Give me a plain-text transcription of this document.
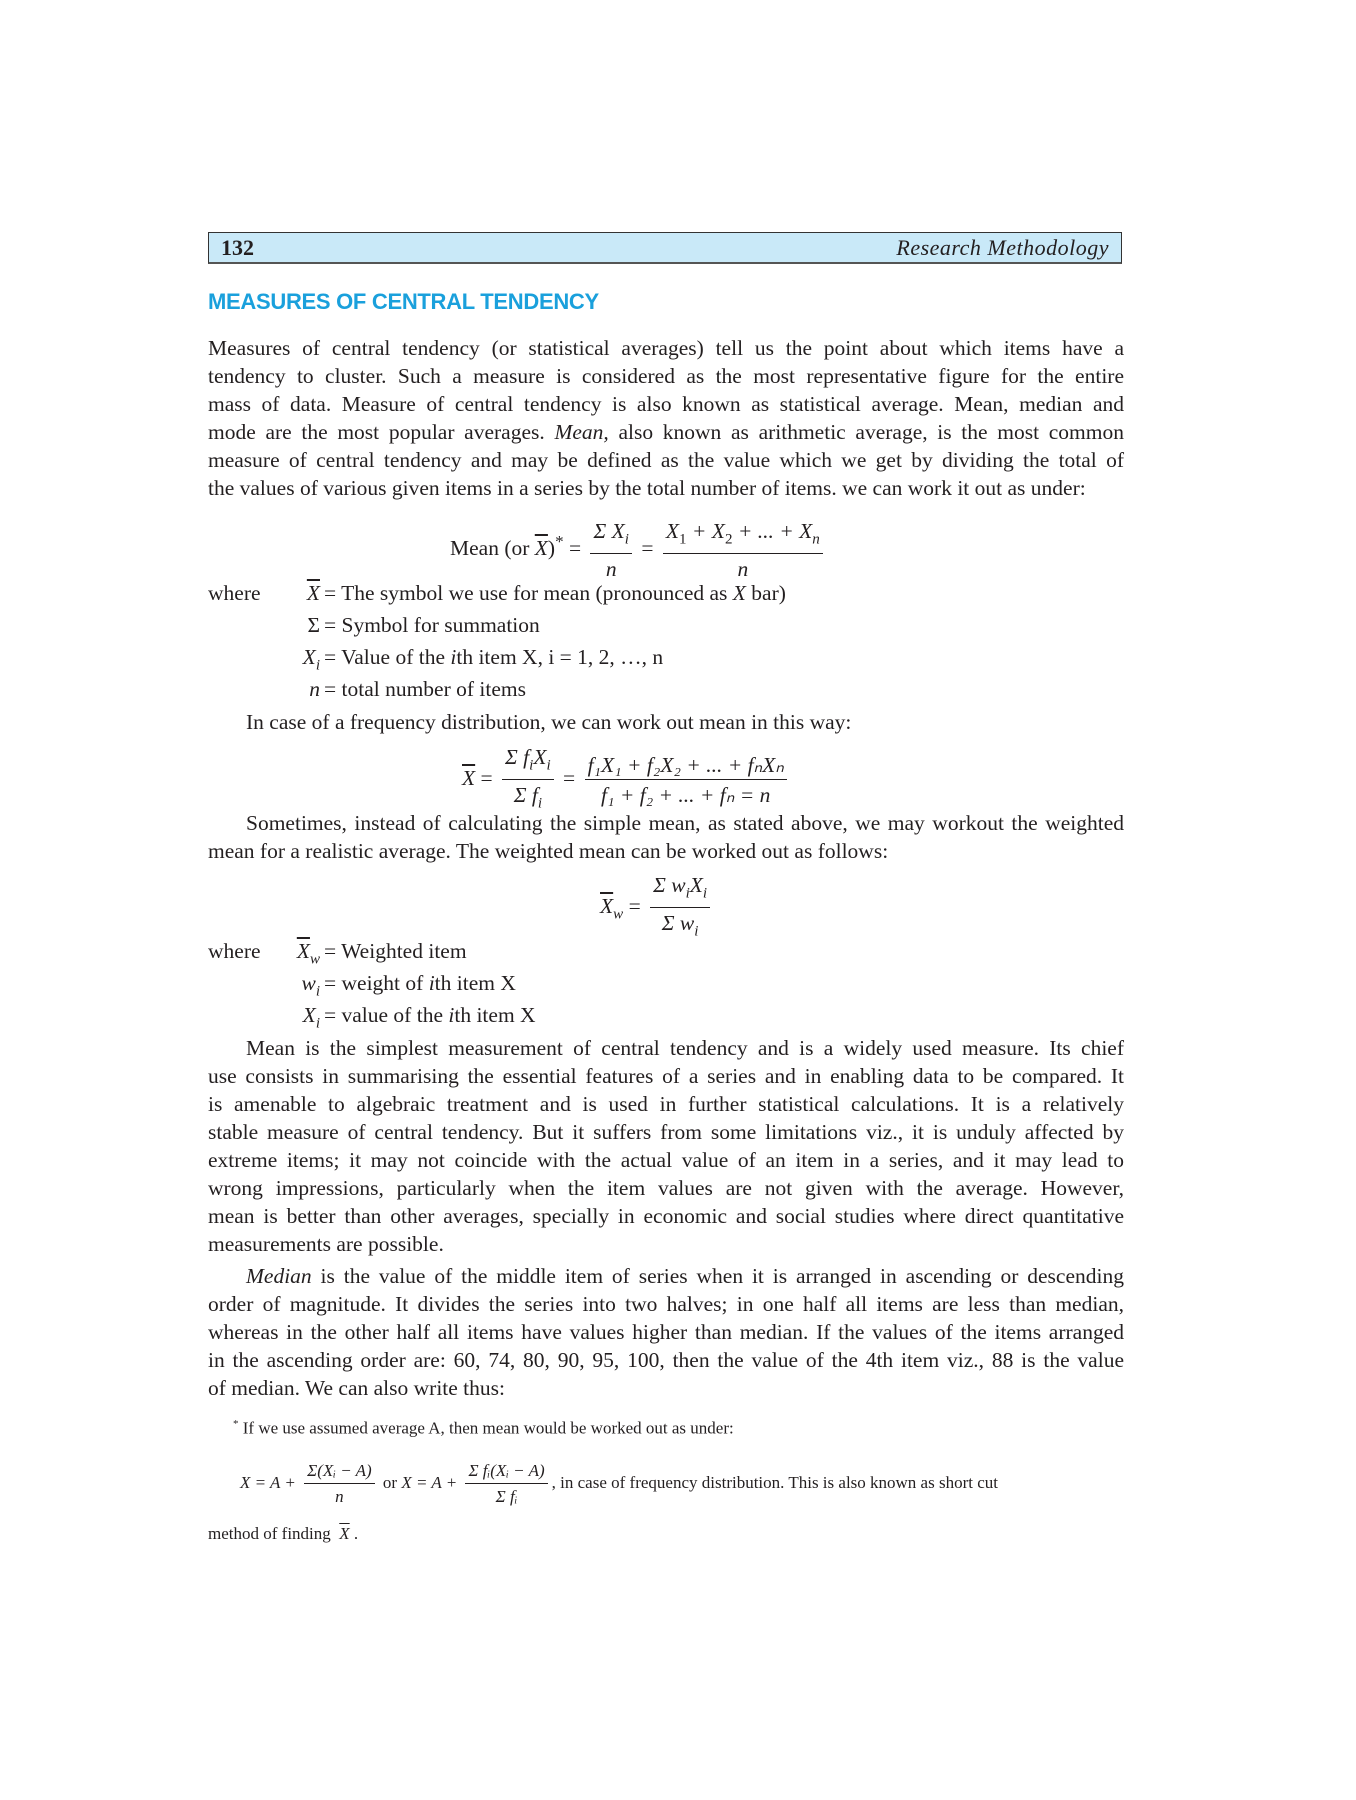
132	Research Methodology
MEASURES OF CENTRAL TENDENCY
Measures of central tendency (or statistical averages) tell us the point about which items have a
tendency to cluster. Such a measure is considered as the most representative figure for the entire
mass of data. Measure of central tendency is also known as statistical average. Mean, median and
mode are the most popular averages. Mean, also known as arithmetic average, is the most common
measure of central tendency and may be defined as the value which we get by dividing the total of
the values of various given items in a series by the total number of items. we can work it out as under:
Mean (or $\overline{X})^* = \frac{\Sigma X_i}{n} = \frac{X_1 + X_2 + ... + X_n}{n}$
where	$\overline{X}$ = The symbol we use for mean (pronounced as X bar)
Σ = Symbol for summation
$X_i$ = Value of the ith item X, i = 1, 2, …, n
n = total number of items
In case of a frequency distribution, we can work out mean in this way:
$\overline{X} = \frac{\Sigma f_iX_i}{\Sigma f_i} = \frac{\text{f₁X₁ + f₂X₂ + ... + fₙXₙ}}{\text{f₁ + f₂ + ... + fₙ = n}}$
Sometimes, instead of calculating the simple mean, as stated above, we may workout the weighted
mean for a realistic average. The weighted mean can be worked out as follows:
$\overline{X}_w = \frac{\Sigma w_iX_i}{\Sigma w_i}$
where	$\overline{X}_w$ = Weighted item
$w_i$ = weight of ith item X
$X_i$ = value of the ith item X
Mean is the simplest measurement of central tendency and is a widely used measure. Its chief
use consists in summarising the essential features of a series and in enabling data to be compared. It
is amenable to algebraic treatment and is used in further statistical calculations. It is a relatively
stable measure of central tendency. But it suffers from some limitations viz., it is unduly affected by
extreme items; it may not coincide with the actual value of an item in a series, and it may lead to
wrong impressions, particularly when the item values are not given with the average. However,
mean is better than other averages, specially in economic and social studies where direct quantitative
measurements are possible.
Median is the value of the middle item of series when it is arranged in ascending or descending
order of magnitude. It divides the series into two halves; in one half all items are less than median,
whereas in the other half all items have values higher than median. If the values of the items arranged
in the ascending order are: 60, 74, 80, 90, 95, 100, then the value of the 4th item viz., 88 is the value
of median. We can also write thus:
* If we use assumed average A, then mean would be worked out as under:
$X = A + \frac{\text{Σ(Xᵢ − A)}}{n}$ or $X = A + \frac{\text{Σ fᵢ(Xᵢ − A)}}{\text{Σ fᵢ}}$ , in case of frequency distribution. This is also known as short cut
method of finding $\overline{X}$ .
